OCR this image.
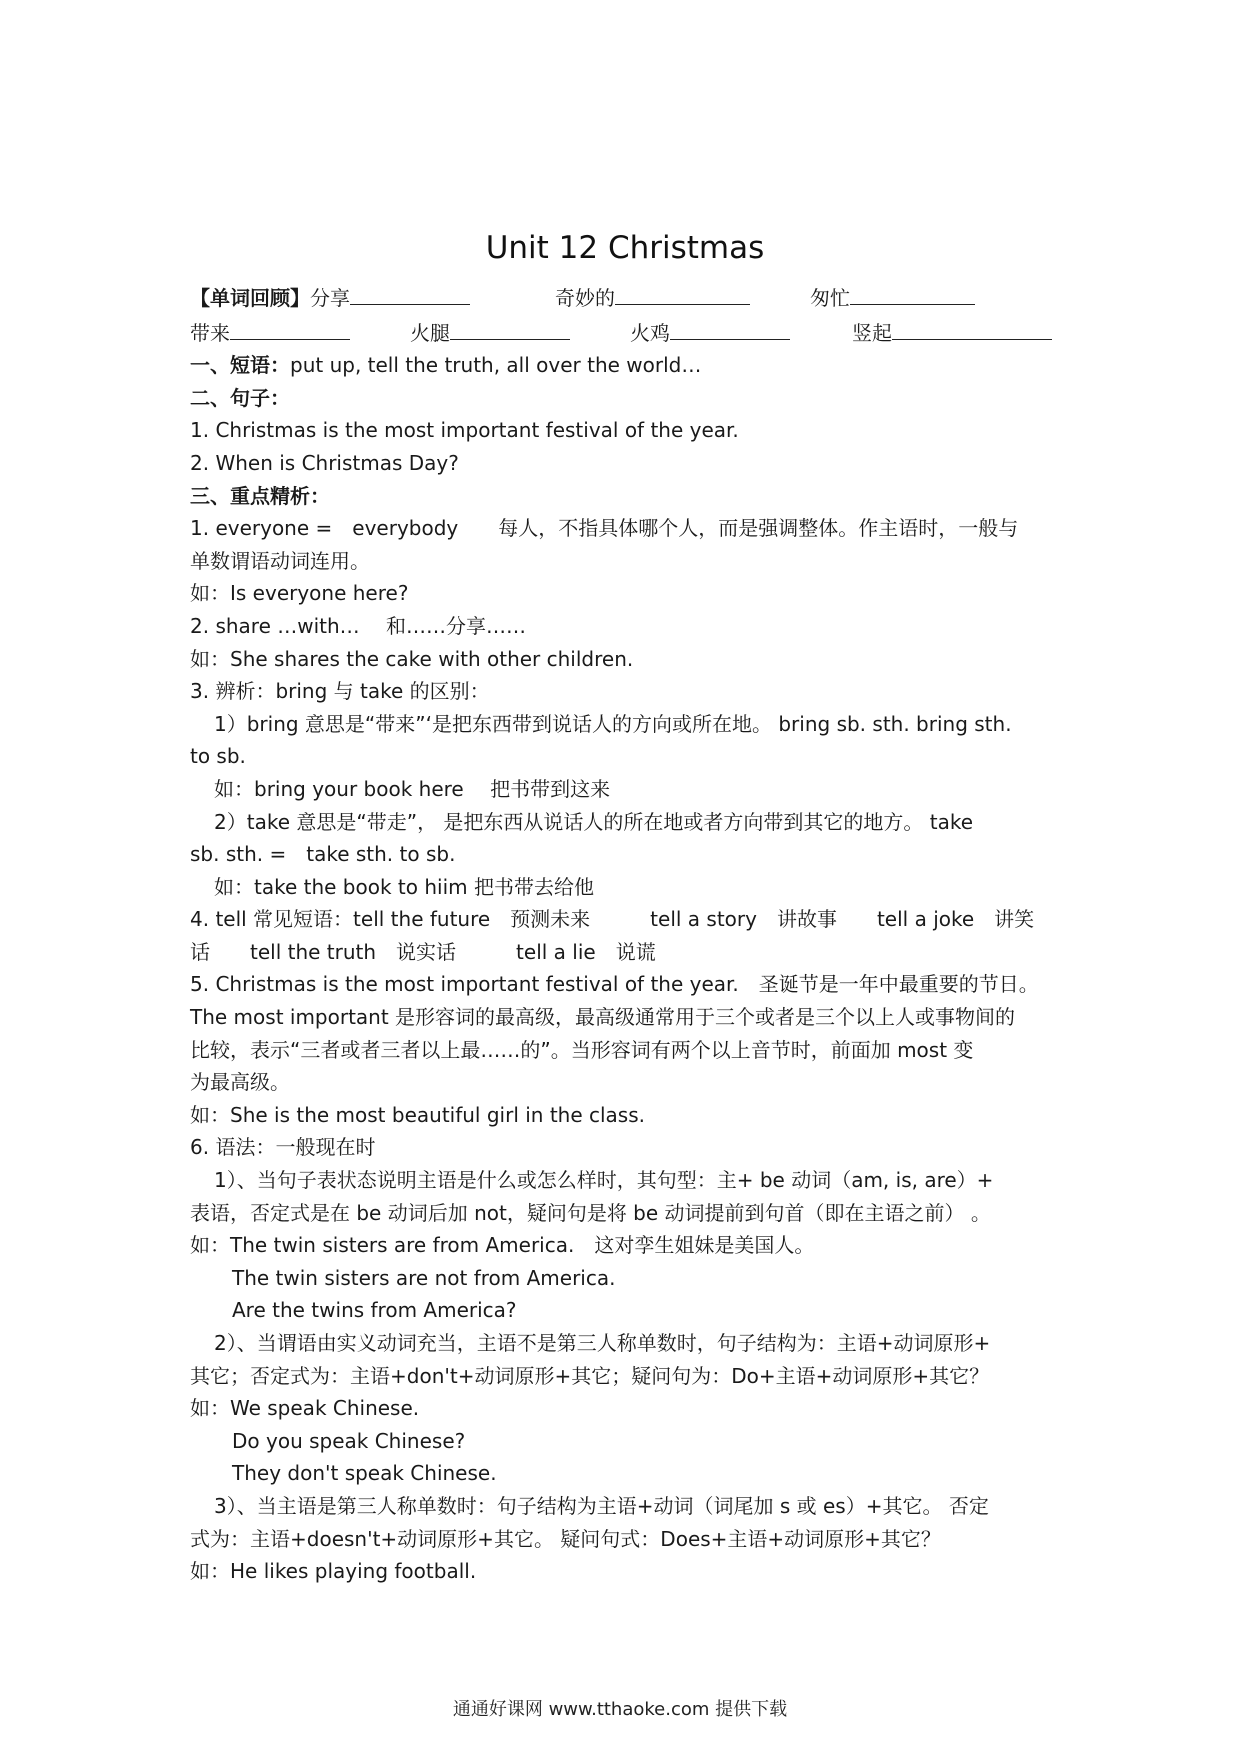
Unit 12 Christmas

【单词回顾】分享	奇妙的	匆忙

带来	火腿	火鸡	竖起

一、短语：put up, tell the truth, all over the world…

二、句子：

1. Christmas is the most important festival of the year.

2. When is Christmas Day?

三、重点精析：

1. everyone =　everybody　　每人，不指具体哪个人，而是强调整体。作主语时，一般与

单数谓语动词连用。

如：Is everyone here?

2. share …with…　 和……分享……

如：She shares the cake with other children.

3. 辨析：bring 与 take 的区别：

1）bring 意思是“带来”‘是把东西带到说话人的方向或所在地。 bring sb. sth. bring sth.

to sb.

如：bring your book here　 把书带到这来

2）take 意思是“带走”， 是把东西从说话人的所在地或者方向带到其它的地方。 take

sb. sth. =　take sth. to sb.

如：take the book to hiim 把书带去给他

4. tell 常见短语：tell the future　预测未来　　　tell a story　讲故事　　tell a joke　讲笑

话　　tell the truth　说实话　　　tell a lie　说谎

5. Christmas is the most important festival of the year.　圣诞节是一年中最重要的节日。

The most important 是形容词的最高级，最高级通常用于三个或者是三个以上人或事物间的

比较，表示“三者或者三者以上最……的”。当形容词有两个以上音节时，前面加 most 变

为最高级。

如：She is the most beautiful girl in the class.

6. 语法：一般现在时

1）、当句子表状态说明主语是什么或怎么样时，其句型：主+ be 动词（am, is, are）+

表语，否定式是在 be 动词后加 not，疑问句是将 be 动词提前到句首（即在主语之前） 。

如：The twin sisters are from America.　这对孪生姐妹是美国人。

The twin sisters are not from America.

Are the twins from America?

2）、当谓语由实义动词充当，主语不是第三人称单数时，句子结构为：主语+动词原形+

其它；否定式为：主语+don't+动词原形+其它；疑问句为：Do+主语+动词原形+其它？

如：We speak Chinese.

Do you speak Chinese?

They don't speak Chinese.

3）、当主语是第三人称单数时：句子结构为主语+动词（词尾加 s 或 es）+其它。 否定

式为：主语+doesn't+动词原形+其它。 疑问句式：Does+主语+动词原形+其它？

如：He likes playing football.

通通好课网 www.tthaoke.com 提供下载
